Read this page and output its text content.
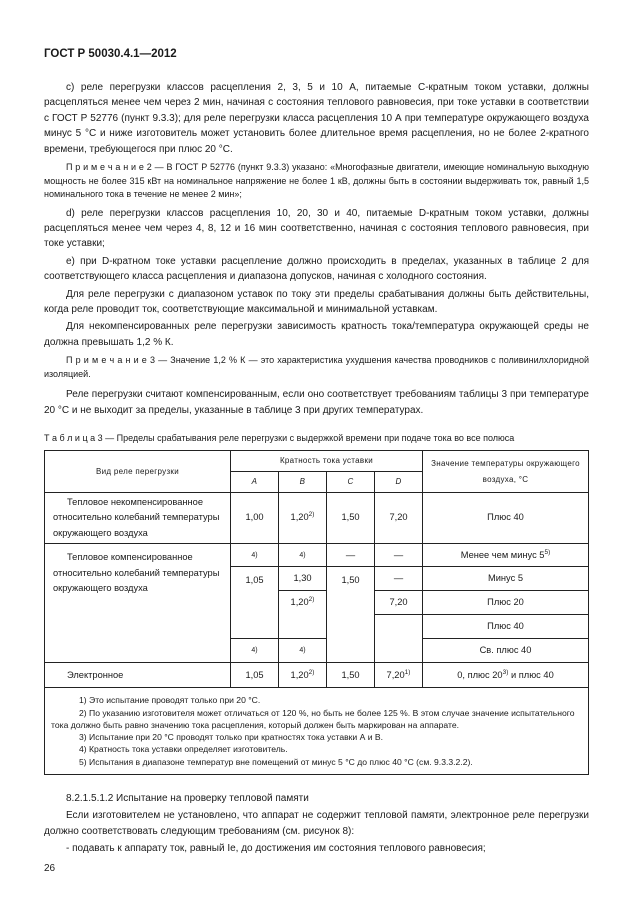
ГОСТ Р 50030.4.1—2012

с) реле перегрузки классов расцепления 2, 3, 5 и 10 А, питаемые С-кратным током уставки, должны расцепляться менее чем через 2 мин, начиная с состояния теплового равновесия, при токе уставки в соответствии с ГОСТ Р 52776 (пункт 9.3.3); для реле перегрузки класса расцепления 10 А при температуре окружающего воздуха минус 5 °С и ниже изготовитель может установить более длительное время расцепления, но не более 2-кратного времени, требующегося при плюс 20 °С.

П р и м е ч а н и е 2 — В ГОСТ Р 52776 (пункт 9.3.3) указано: «Многофазные двигатели, имеющие номинальную выходную мощность не более 315 кВт на номинальное напряжение не более 1 кВ, должны быть в состоянии выдерживать ток, равный 1,5 номинального тока в течение не менее 2 мин»;

d) реле перегрузки классов расцепления 10, 20, 30 и 40, питаемые D-кратным током уставки, должны расцепляться менее чем через 4, 8, 12 и 16 мин соответственно, начиная с состояния теплового равновесия, при токе уставки;

е) при D-кратном токе уставки расцепление должно происходить в пределах, указанных в таблице 2 для соответствующего класса расцепления и диапазона допусков, начиная с холодного состояния.

Для реле перегрузки с диапазоном уставок по току эти пределы срабатывания должны быть действительны, когда реле проводит ток, соответствующие максимальной и минимальной уставкам.

Для некомпенсированных реле перегрузки зависимость кратность тока/температура окружающей среды не должна превышать 1,2 % К.

П р и м е ч а н и е 3 — Значение 1,2 % К — это характеристика ухудшения качества проводников с поливинилхлоридной изоляцией.

Реле перегрузки считают компенсированным, если оно соответствует требованиям таблицы 3 при температуре 20 °С и не выходит за пределы, указанные в таблице 3 при других температурах.

Т а б л и ц а 3 — Пределы срабатывания реле перегрузки с выдержкой времени при подаче тока во все полюса
Вид реле перегрузки	Кратность тока уставки				Значение температуры окружающего воздуха, °С
	A	B	C	D	
Тепловое некомпенсированное относительно колебаний температуры окружающего воздуха	1,00	1,20$^{2)}$	1,50	7,20	Плюс 40
Тепловое компенсированное относительно колебаний температуры окружающего воздуха	4)	4)	—	—	Менее чем минус 5$^{5)}$
	1,05	1,30	1,50	—	Минус 5
		1,20$^{2)}$		7,20	Плюс 20
					Плюс 40
	4)	4)			Св. плюс 40
Электронное	1,05	1,20$^{2)}$	1,50	7,20$^{1)}$	0, плюс 20$^{3)}$ и плюс 40

1) Это испытание проводят только при 20 °С.
2) По указанию изготовителя может отличаться от 120 %, но быть не более 125 %. В этом случае значение испытательного тока должно быть равно значению тока расцепления, который должен быть маркирован на аппарате.
3) Испытание при 20 °С проводят только при кратностях тока уставки А и В.
4) Кратность тока уставки определяет изготовитель.
5) Испытания в диапазоне температур вне помещений от минус 5 °С до плюс 40 °С (см. 9.3.3.2.2).					

8.2.1.5.1.2 Испытание на проверку тепловой памяти

Если изготовителем не установлено, что аппарат не содержит тепловой памяти, электронное реле перегрузки должно соответствовать следующим требованиям (см. рисунок 8):

- подавать к аппарату ток, равный Ie, до достижения им состояния теплового равновесия;

26
